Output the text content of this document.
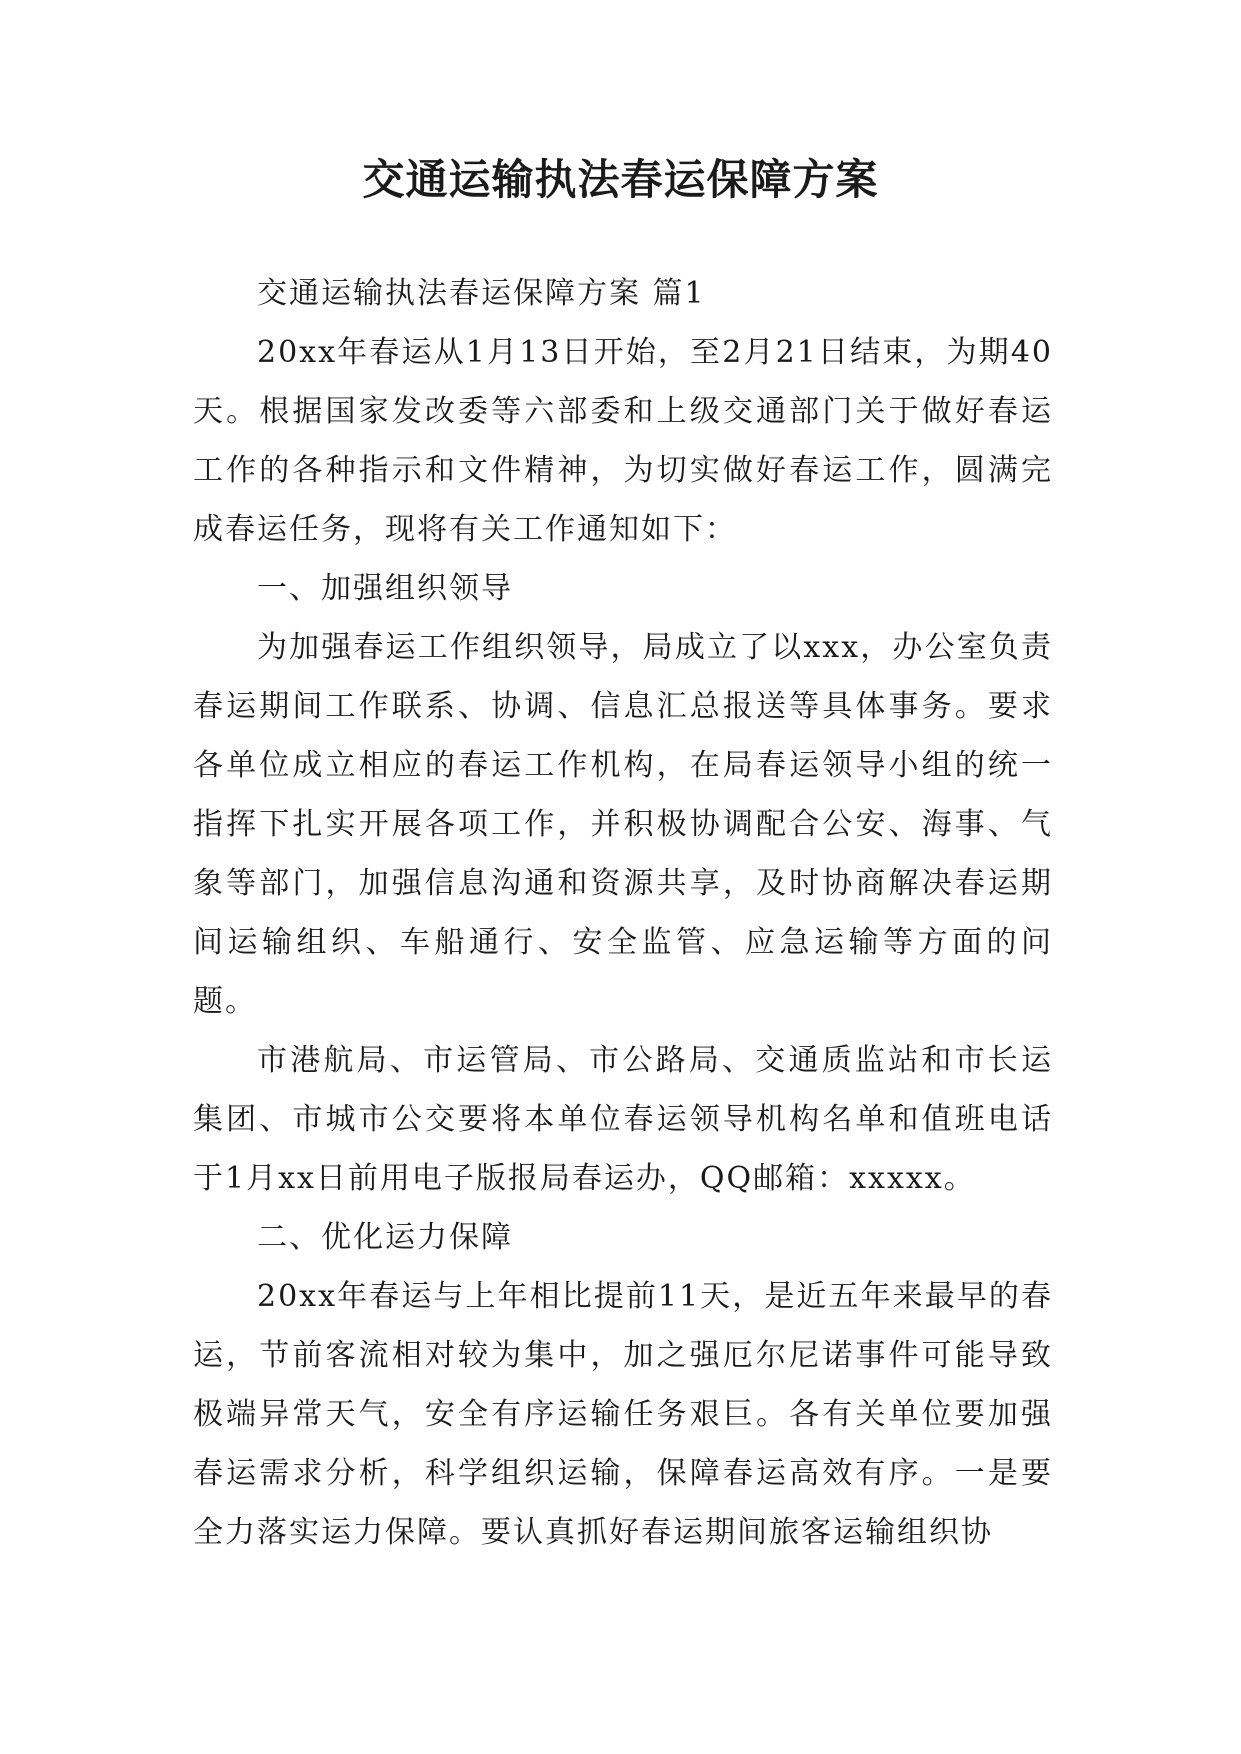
交通运输执法春运保障方案

交通运输执法春运保障方案 篇1

20xx年春运从1月13日开始，至2月21日结束，为期40天。根据国家发改委等六部委和上级交通部门关于做好春运工作的各种指示和文件精神，为切实做好春运工作，圆满完成春运任务，现将有关工作通知如下：

一、加强组织领导

为加强春运工作组织领导，局成立了以xxx，办公室负责春运期间工作联系、协调、信息汇总报送等具体事务。要求各单位成立相应的春运工作机构，在局春运领导小组的统一指挥下扎实开展各项工作，并积极协调配合公安、海事、气象等部门，加强信息沟通和资源共享，及时协商解决春运期间运输组织、车船通行、安全监管、应急运输等方面的问题。

市港航局、市运管局、市公路局、交通质监站和市长运集团、市城市公交要将本单位春运领导机构名单和值班电话于1月xx日前用电子版报局春运办，QQ邮箱：xxxxx。

二、优化运力保障

20xx年春运与上年相比提前11天，是近五年来最早的春运，节前客流相对较为集中，加之强厄尔尼诺事件可能导致极端异常天气，安全有序运输任务艰巨。各有关单位要加强春运需求分析，科学组织运输，保障春运高效有序。一是要全力落实运力保障。要认真抓好春运期间旅客运输组织协
